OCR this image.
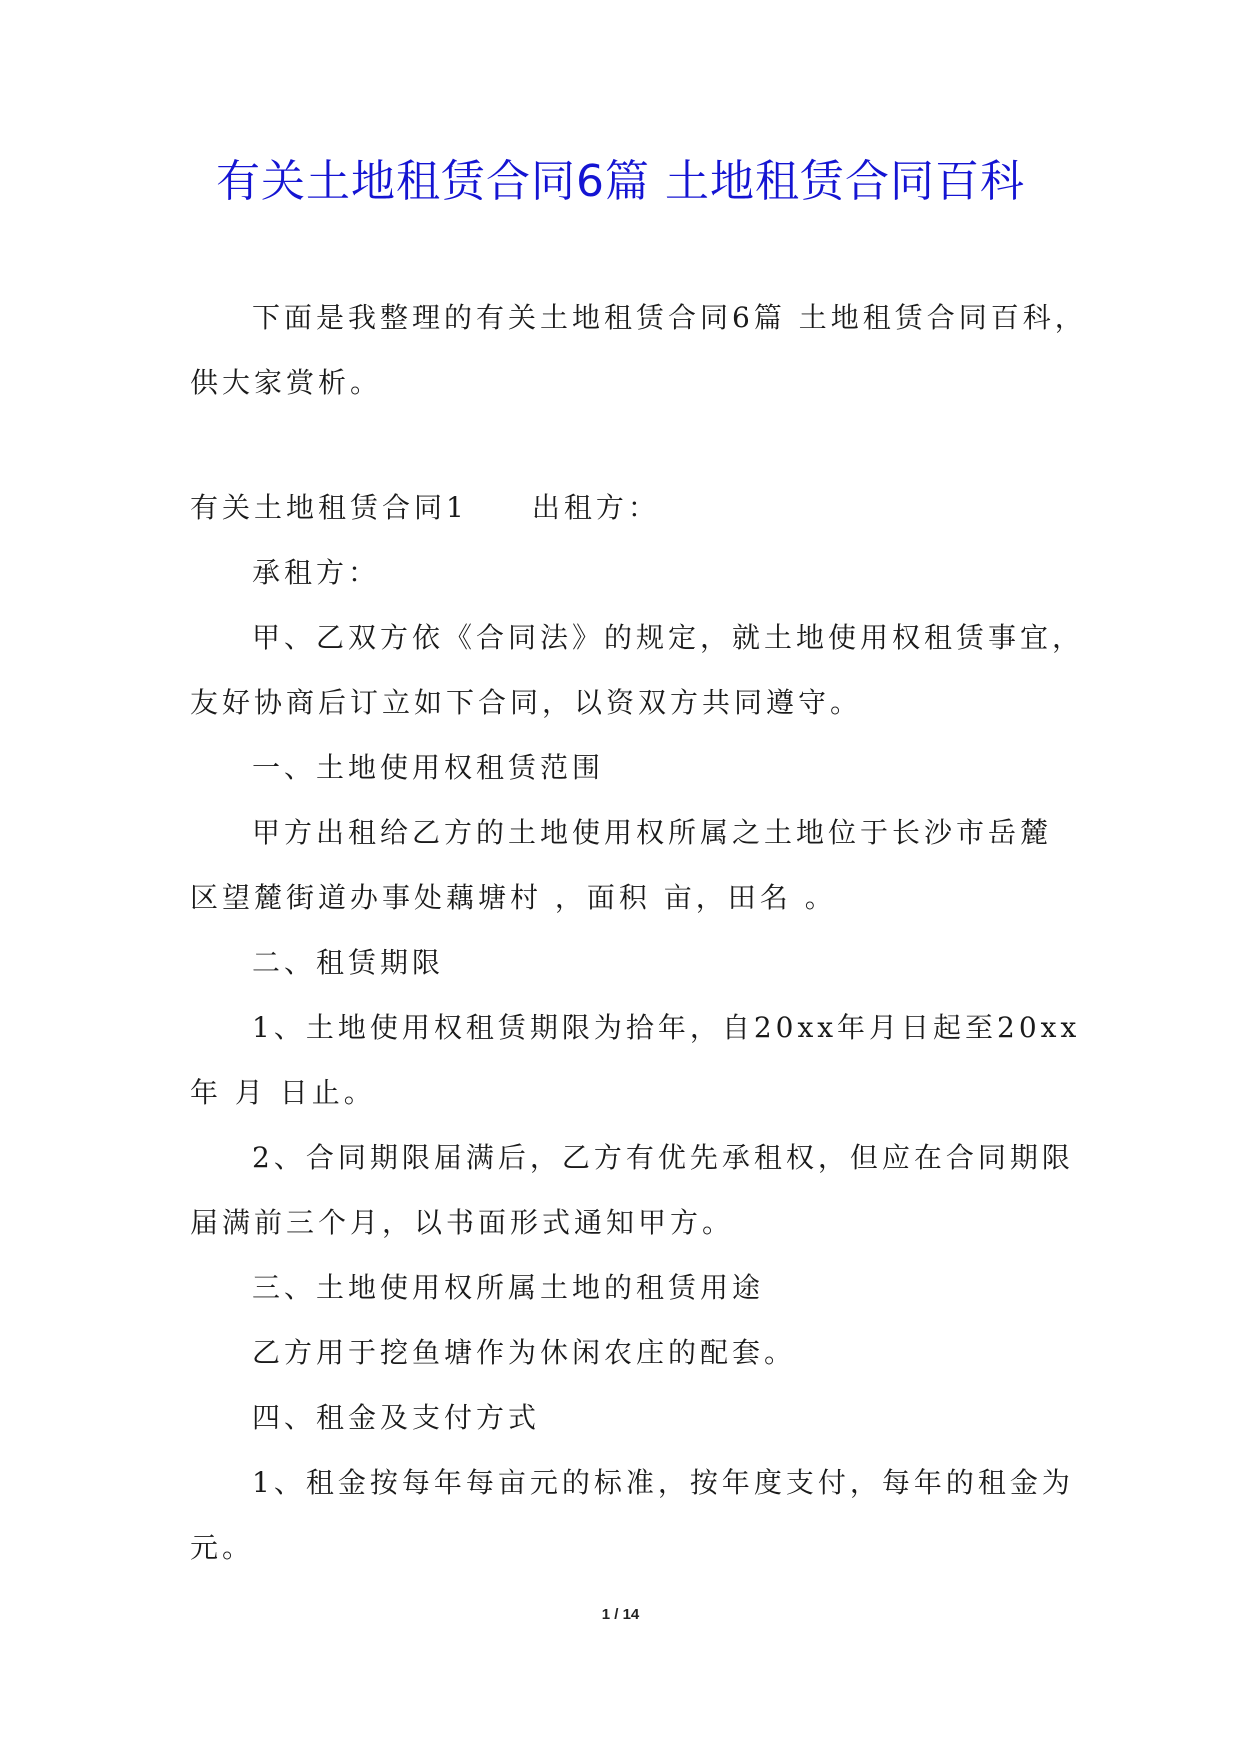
有关土地租赁合同6篇 土地租赁合同百科

下面是我整理的有关土地租赁合同6篇 土地租赁合同百科，

供大家赏析。

有关土地租赁合同1　　出租方：

承租方：

甲、乙双方依《合同法》的规定，就土地使用权租赁事宜，

友好协商后订立如下合同，以资双方共同遵守。

一、土地使用权租赁范围

甲方出租给乙方的土地使用权所属之土地位于长沙市岳麓

区望麓街道办事处藕塘村 ，面积 亩，田名 。

二、租赁期限

1、土地使用权租赁期限为拾年，自20xx年月日起至20xx

年 月 日止。

2、合同期限届满后，乙方有优先承租权，但应在合同期限

届满前三个月，以书面形式通知甲方。

三、土地使用权所属土地的租赁用途

乙方用于挖鱼塘作为休闲农庄的配套。

四、租金及支付方式

1、租金按每年每亩元的标准，按年度支付，每年的租金为

元。

1 / 14
